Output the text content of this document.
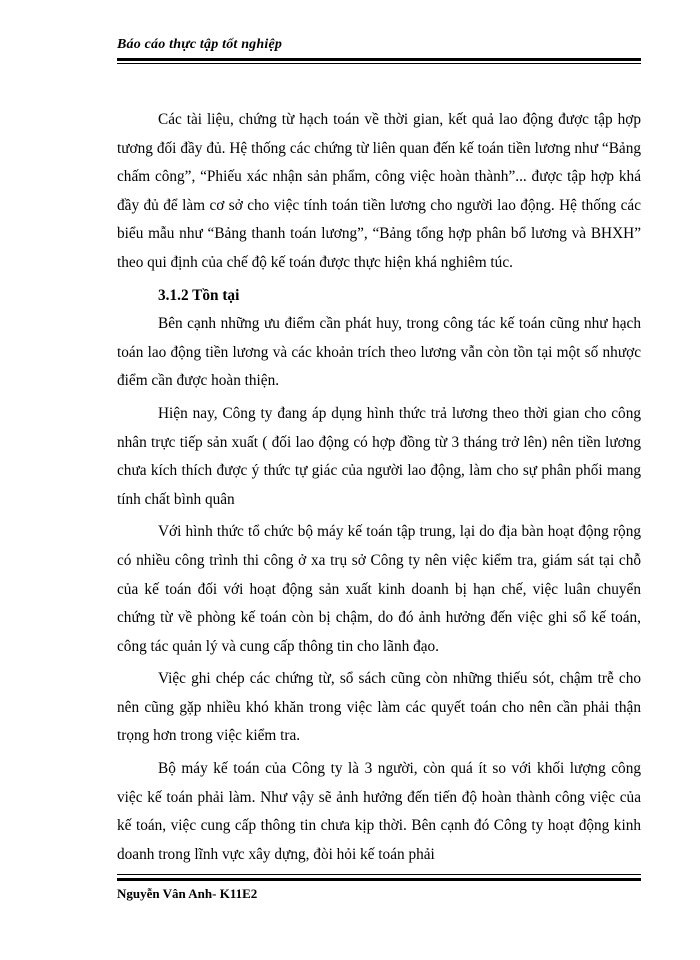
Báo cáo thực tập tốt nghiệp

Các tài liệu, chứng từ hạch toán về thời gian, kết quả lao động được tập hợp tương đối đầy đủ. Hệ thống các chứng từ liên quan đến kế toán tiền lương như “Bảng chấm công”, “Phiếu xác nhận sản phẩm, công việc hoàn thành”... được tập hợp khá đầy đủ để làm cơ sở cho việc tính toán tiền lương cho người lao động. Hệ thống các biểu mẫu như “Bảng thanh toán lương”, “Bảng tổng hợp phân bổ lương và BHXH” theo qui định của chế độ kế toán được thực hiện khá nghiêm túc.

3.1.2 Tồn tại

Bên cạnh những ưu điểm cần phát huy, trong công tác kế toán cũng như hạch toán lao động tiền lương và các khoản trích theo lương vẫn còn tồn tại một số nhược điểm cần được hoàn thiện.

Hiện nay, Công ty đang áp dụng hình thức trả lương theo thời gian cho công nhân trực tiếp sản xuất ( đối lao động có hợp đồng từ 3 tháng trở lên) nên tiền lương chưa kích thích được ý thức tự giác của người lao động, làm cho sự phân phối mang tính chất bình quân

Với hình thức tổ chức bộ máy kế toán tập trung, lại do địa bàn hoạt động rộng có nhiều công trình thi công ở xa trụ sở Công ty nên việc kiểm tra, giám sát tại chỗ của kế toán đối với hoạt động sản xuất kinh doanh bị hạn chế, việc luân chuyển chứng từ về phòng kế toán còn bị chậm, do đó ảnh hưởng đến việc ghi sổ kế toán, công tác quản lý và cung cấp thông tin cho lãnh đạo.

Việc ghi chép các chứng từ, sổ sách cũng còn những thiếu sót, chậm trễ cho nên cũng gặp nhiều khó khăn trong việc làm các quyết toán cho nên cần phải thận trọng hơn trong việc kiểm tra.

Bộ máy kế toán của Công ty là 3 người, còn quá ít so với khối lượng công việc kế toán phải làm. Như vậy sẽ ảnh hưởng đến tiến độ hoàn thành công việc của kế toán, việc cung cấp thông tin chưa kịp thời. Bên cạnh đó Công ty hoạt động kinh doanh trong lĩnh vực xây dựng, đòi hỏi kế toán phải

Nguyễn Vân Anh- K11E2
